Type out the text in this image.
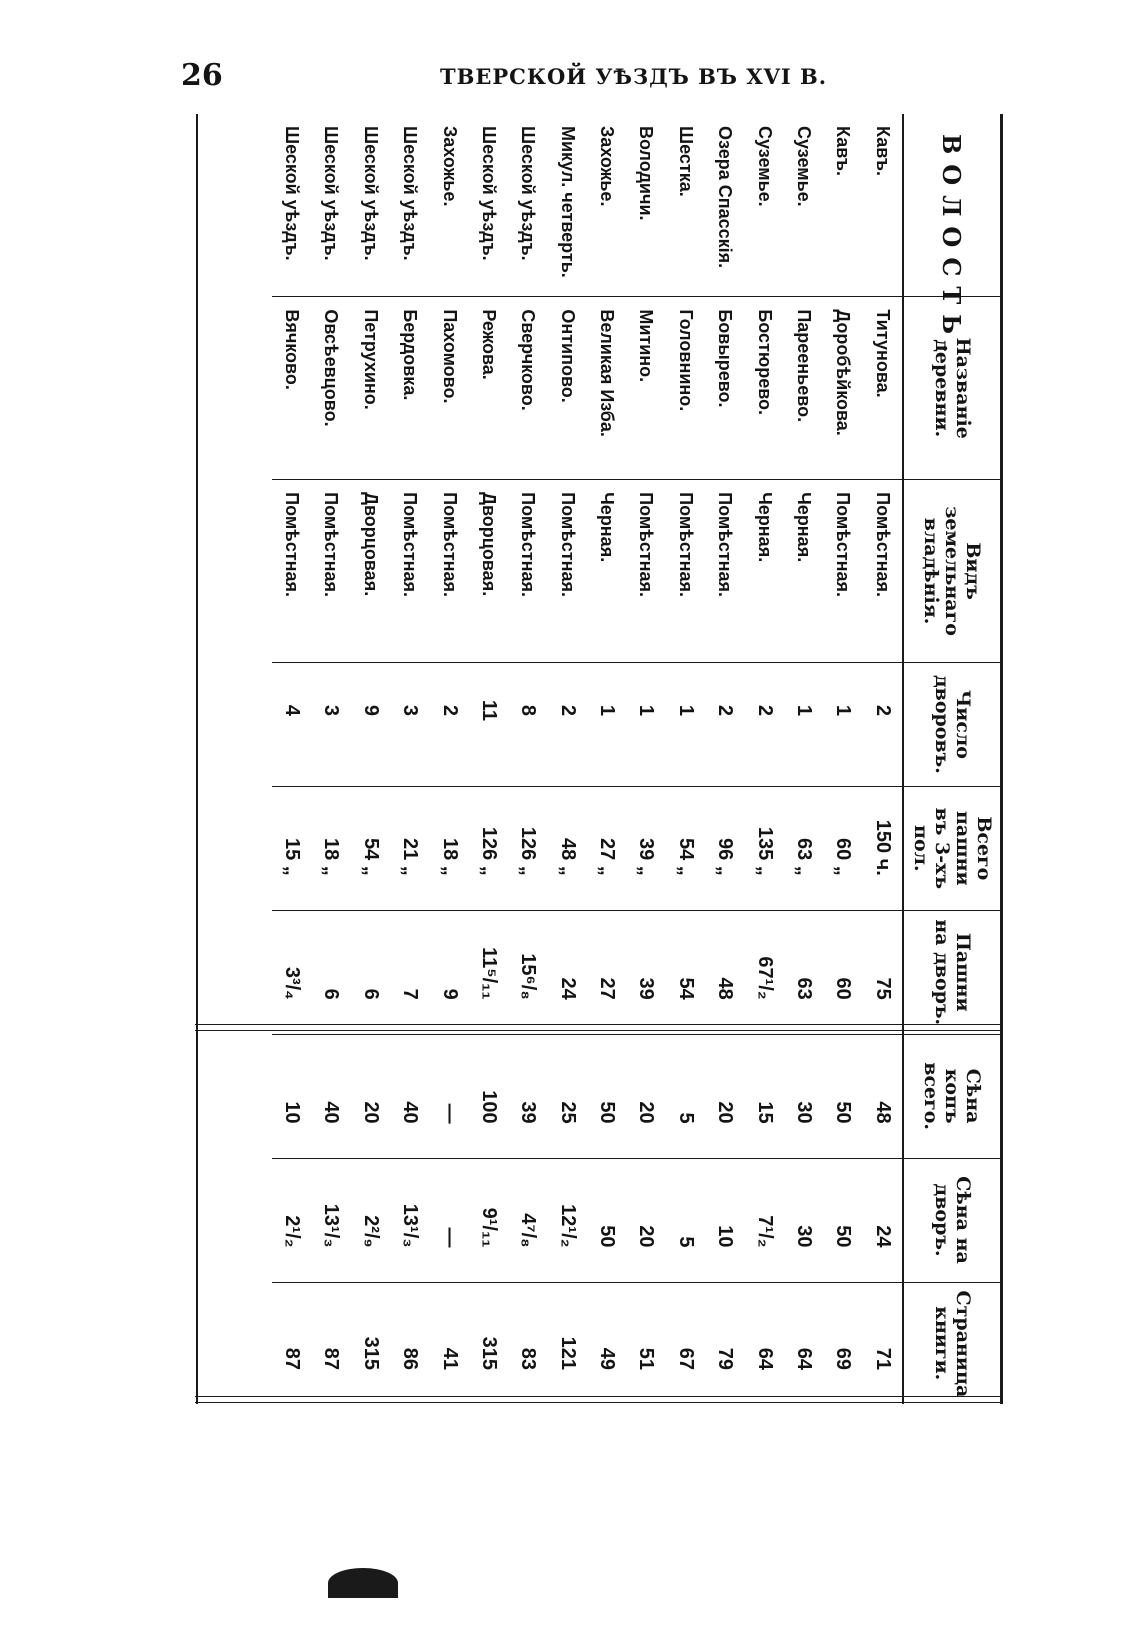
26	ТВЕРСКОЙ УѢЗДЪ ВЪ XVI В.
ВОЛОСТЬ.	Названіе деревни.	Видъ земельнаго владѣнія.	Число дворовъ.	Всего пашни въ 3-хъ пол.	Пашни на дворъ.	Сѣна копъ всего.	Сѣна на дворъ.	Страница книги.
Кавъ.	Титунова.	Помѣстная.	2	150 ч.	75	48	24	71
Кавъ.	Доробѣйкова.	Помѣстная.	1	60 „	60	50	50	69
Суземье.	Парееньево.	Черная.	1	63 „	63	30	30	64
Суземье.	Бостюрево.	Черная.	2	135 „	67¹/₂	15	7¹/₂	64
Озера Спасскія.	Бовырево.	Помѣстная.	2	96 „	48	20	10	79
Шестка.	Головнино.	Помѣстная.	1	54 „	54	5	5	67
Володичи.	Митино.	Помѣстная.	1	39 „	39	20	20	51
Захожье.	Великая Изба.	Черная.	1	27 „	27	50	50	49
Микул. четверть.	Онтипово.	Помѣстная.	2	48 „	24	25	12¹/₂	121
Шеской уѣздъ.	Сверчково.	Помѣстная.	8	126 „	15⁶/₈	39	4⁷/₈	83
Шеской уѣздъ.	Режова.	Дворцовая.	11	126 „	11⁵/₁₁	100	9¹/₁₁	315
Захожье.	Пахомово.	Помѣстная.	2	18 „	9	—	—	41
Шеской уѣздъ.	Бердовка.	Помѣстная.	3	21 „	7	40	13¹/₃	86
Шеской уѣздъ.	Петрухино.	Дворцовая.	9	54 „	6	20	2²/₉	315
Шеской уѣздъ.	Овсѣевцово.	Помѣстная.	3	18 „	6	40	13¹/₃	87
Шеской уѣздъ.	Вячково.	Помѣстная.	4	15 „	3³/₄	10	2¹/₂	87
